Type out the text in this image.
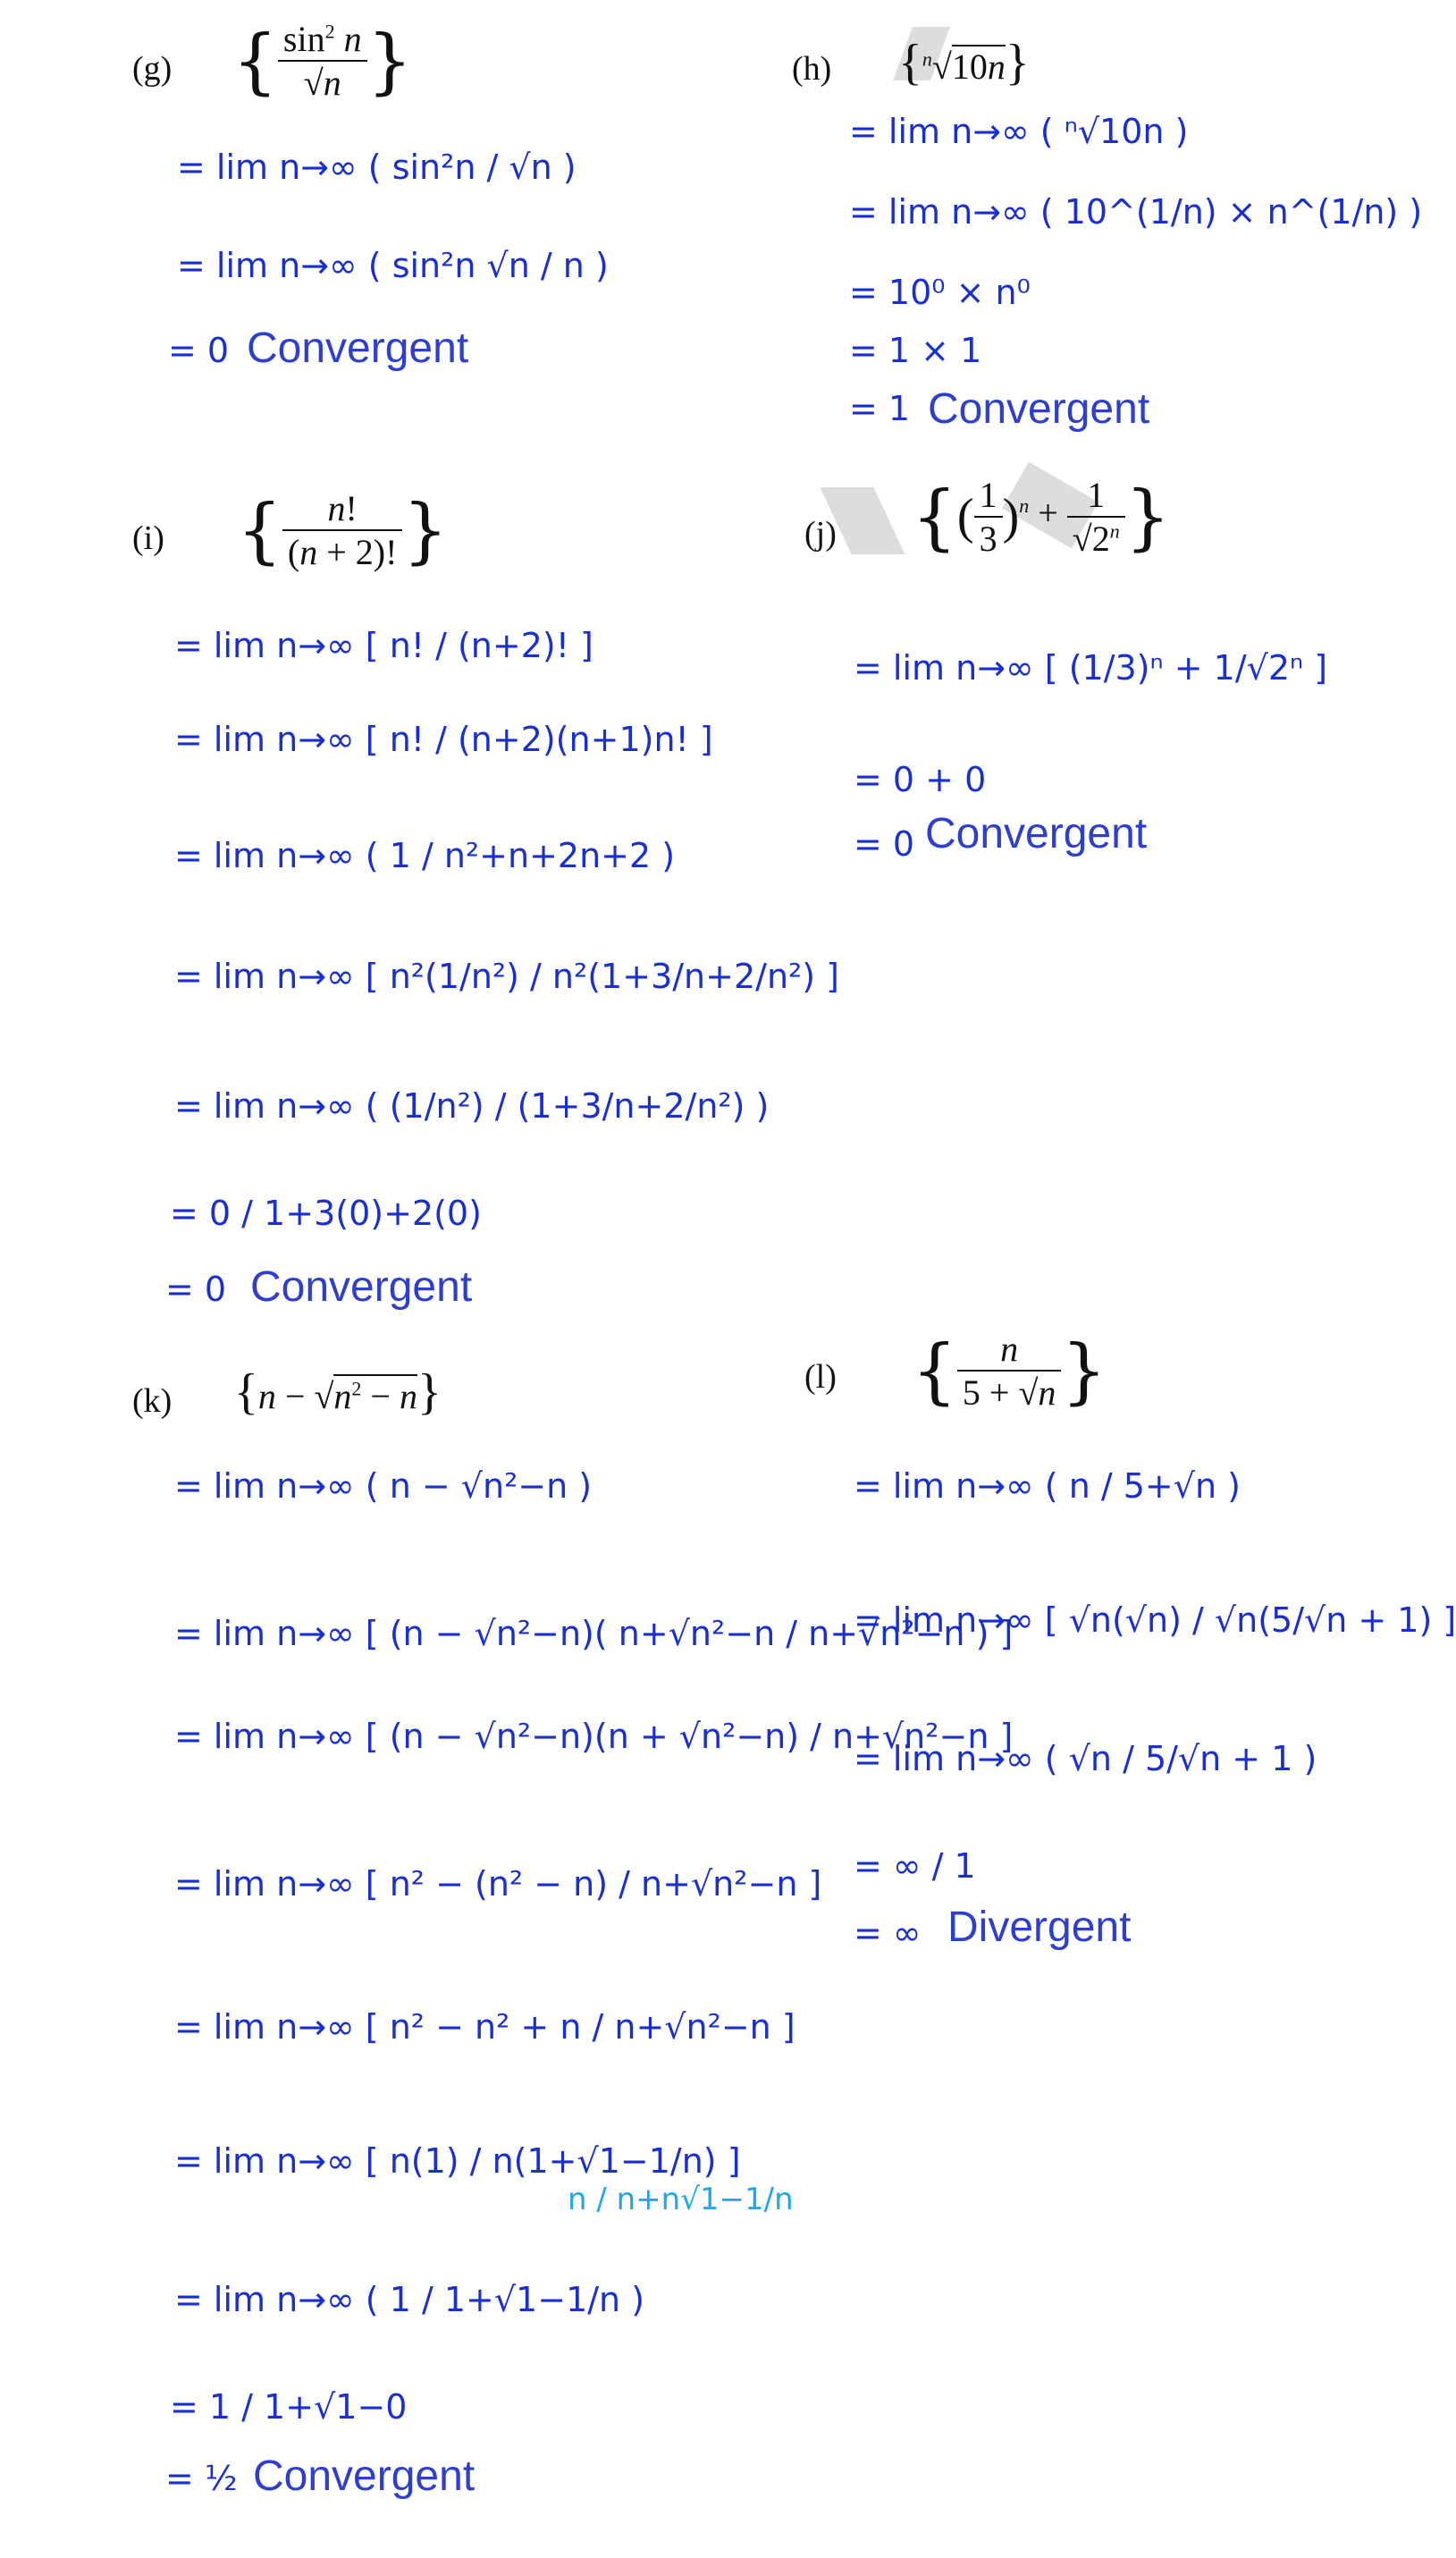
(g) { $\frac{\sin^2 n}{√n}$ }
= lim n→∞ ( sin²n / √n )
= lim n→∞ ( sin²n √n / n )
= 0 Convergent
(h) {$^n$√10n}
= lim n→∞ ( ⁿ√10n )
= lim n→∞ ( 10^(1/n) × n^(1/n) )
= 10⁰ × n⁰
= 1 × 1
= 1 Convergent
(i) { $\frac{n!}{(n + 2)!}$ }
= lim n→∞ [ n! / (n+2)! ]
= lim n→∞ [ n! / (n+2)(n+1)n! ]
= lim n→∞ ( 1 / n²+n+2n+2 )
= lim n→∞ [ n²(1/n²) / n²(1+3/n+2/n²) ]
= lim n→∞ ( (1/n²) / (1+3/n+2/n²) )
= 0 / 1+3(0)+2(0)
= 0 Convergent
(j) {( $\frac{1}{3} )^n + \frac{1}{√2^n}$ }
= lim n→∞ [ (1/3)ⁿ + 1/√2ⁿ ]
= 0 + 0
= 0 Convergent
(k) $\{n - √n^2 - n\}$
= lim n→∞ ( n − √n²−n )
= lim n→∞ [ (n − √n²−n)( n+√n²−n / n+√n²−n ) ]
= lim n→∞ [ (n − √n²−n)(n + √n²−n) / n+√n²−n ]
= lim n→∞ [ n² − (n² − n) / n+√n²−n ]
= lim n→∞ [ n² − n² + n / n+√n²−n ]
= lim n→∞ [ n(1) / n(1+√1−1/n) ]
n / n+n√1−1/n
= lim n→∞ ( 1 / 1+√1−1/n )
= 1 / 1+√1−0
= ½ Convergent
(l) { $\frac{n}{5 + √n}$ }
= lim n→∞ ( n / 5+√n )
= lim n→∞ [ √n(√n) / √n(5/√n + 1) ]
= lim n→∞ ( √n / 5/√n + 1 )
= ∞ / 1
= ∞ Divergent
